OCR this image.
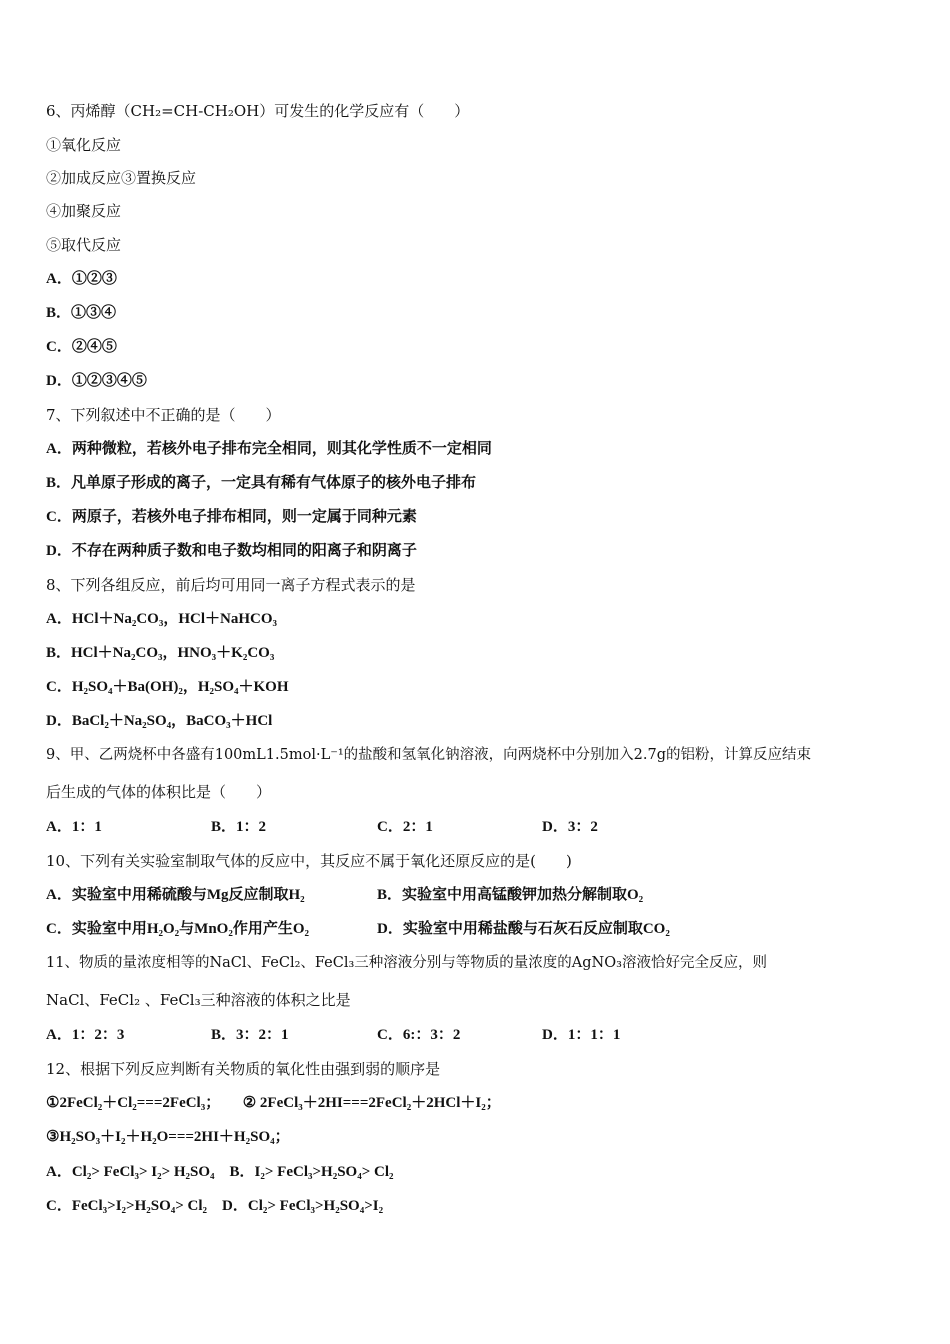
6、丙烯醇（CH₂=CH-CH₂OH）可发生的化学反应有（　　）
①氧化反应
②加成反应③置换反应
④加聚反应
⑤取代反应
A．①②③
B．①③④
C．②④⑤
D．①②③④⑤
7、下列叙述中不正确的是（　　）
A．两种微粒，若核外电子排布完全相同，则其化学性质不一定相同
B．凡单原子形成的离子，一定具有稀有气体原子的核外电子排布
C．两原子，若核外电子排布相同，则一定属于同种元素
D．不存在两种质子数和电子数均相同的阳离子和阴离子
8、下列各组反应，前后均可用同一离子方程式表示的是
A．HCl＋Na₂CO₃，HCl＋NaHCO₃
B．HCl＋Na₂CO₃，HNO₃＋K₂CO₃
C．H₂SO₄＋Ba(OH)₂，H₂SO₄＋KOH
D．BaCl₂＋Na₂SO₄，BaCO₃＋HCl
9、甲、乙两烧杯中各盛有100mL1.5mol·L⁻¹的盐酸和氢氧化钠溶液，向两烧杯中分别加入2.7g的铝粉，计算反应结束
后生成的气体的体积比是（　　）
A．1：1	B．1：2	C．2：1	D．3：2
10、下列有关实验室制取气体的反应中，其反应不属于氧化还原反应的是(　　)
A．实验室中用稀硫酸与Mg反应制取H₂	B．实验室中用高锰酸钾加热分解制取O₂
C．实验室中用H₂O₂与MnO₂作用产生O₂	D．实验室中用稀盐酸与石灰石反应制取CO₂
11、物质的量浓度相等的NaCl、FeCl₂、FeCl₃三种溶液分别与等物质的量浓度的AgNO₃溶液恰好完全反应，则
NaCl、FeCl₂ 、FeCl₃三种溶液的体积之比是
A．1：2：3	B．3：2：1	C．6:：3：2	D．1：1：1
12、根据下列反应判断有关物质的氧化性由强到弱的顺序是
①2FeCl₂＋Cl₂===2FeCl₃；　　② 2FeCl₃＋2HI===2FeCl₂＋2HCl＋I₂；
③H₂SO₃＋I₂＋H₂O===2HI＋H₂SO₄；
A．Cl₂> FeCl₃> I₂> H₂SO₄　B．I₂> FeCl₃>H₂SO₄> Cl₂
C．FeCl₃>I₂>H₂SO₄> Cl₂　D．Cl₂> FeCl₃>H₂SO₄>I₂
